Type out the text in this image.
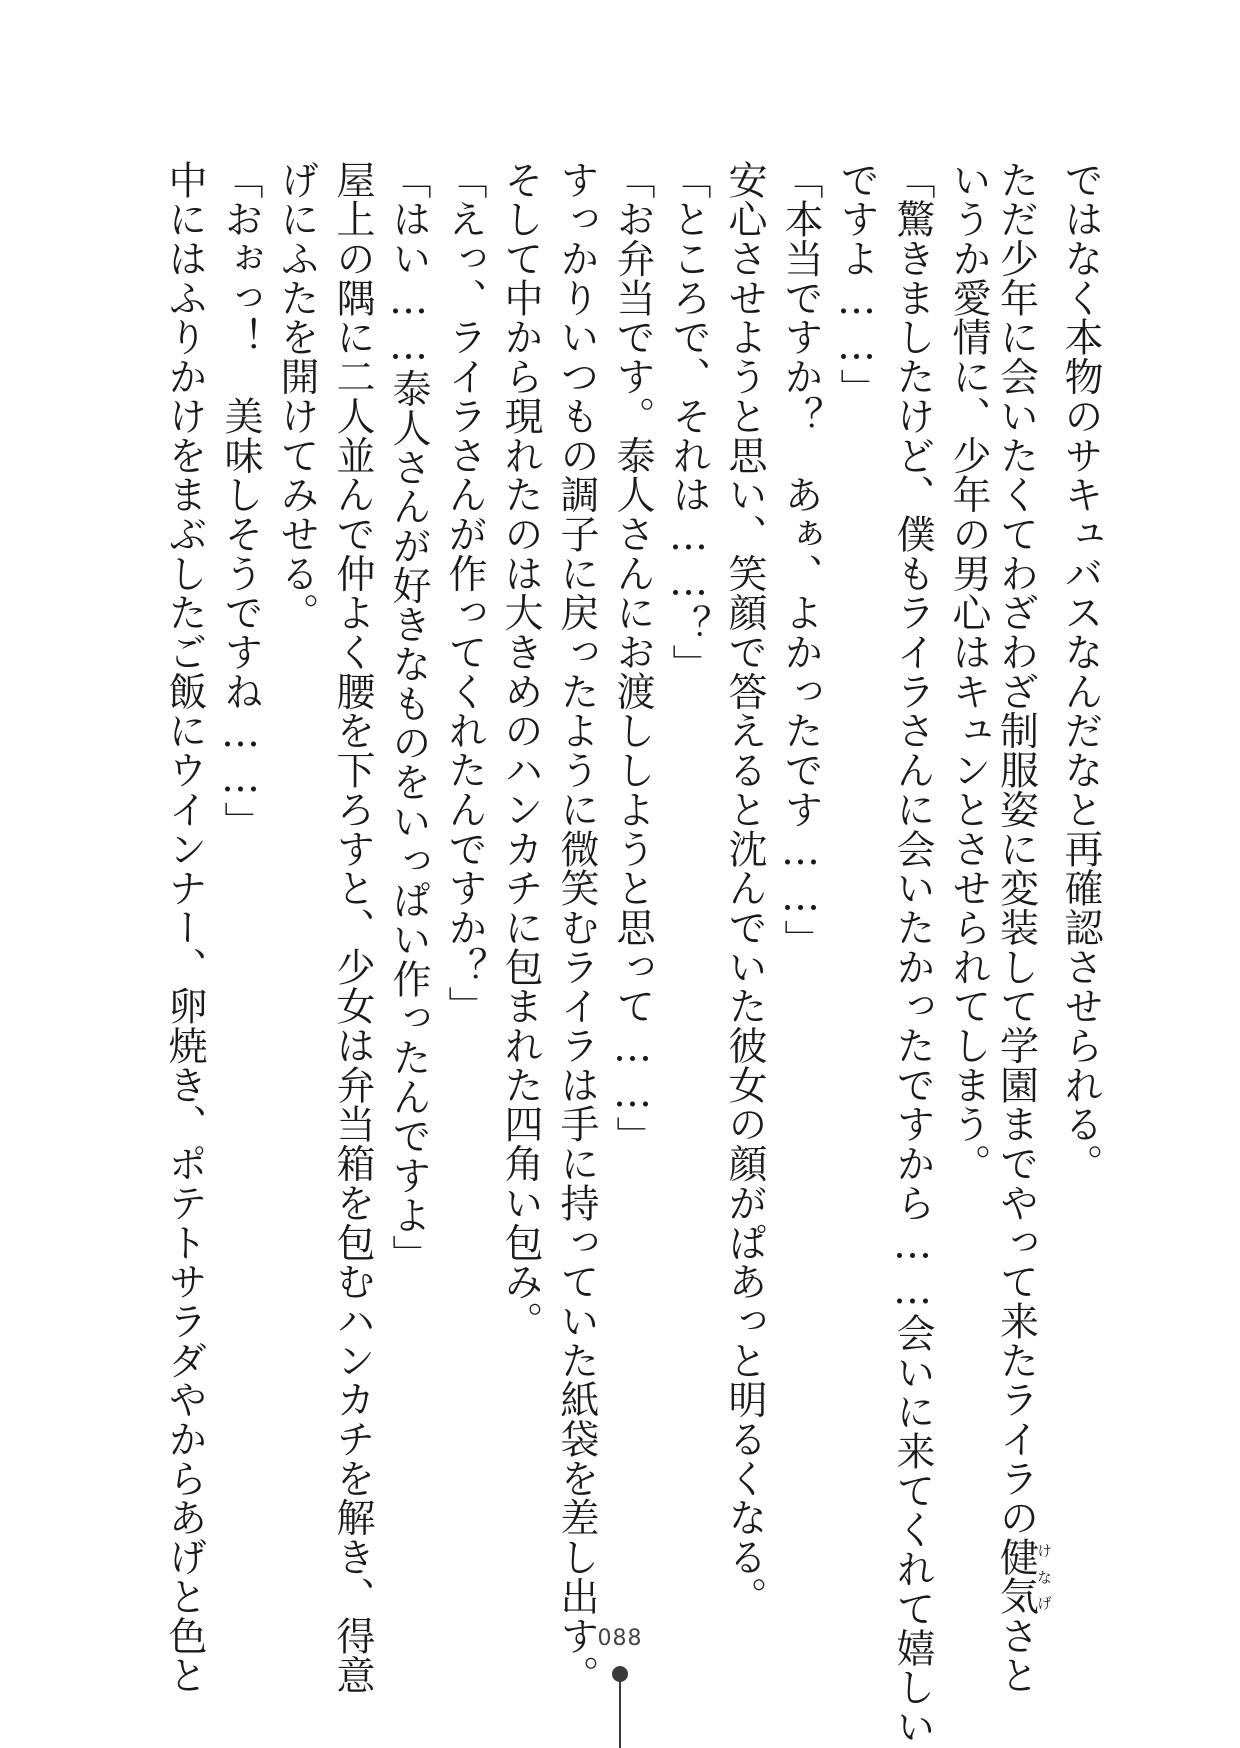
ではなく本物のサキュバスなんだなと再確認させられる。
ただ少年に会いたくてわざわざ制服姿に変装して学園までやって来たライラの健気けなげさと
いうか愛情に、少年の男心はキュンとさせられてしまう。
「驚きましたけど、僕もライラさんに会いたかったですから……会いに来てくれて嬉しい
ですよ……」
「本当ですか？　あぁ、よかったです……」
安心させようと思い、笑顔で答えると沈んでいた彼女の顔がぱあっと明るくなる。
「ところで、それは……？」
「お弁当です。泰人さんにお渡ししようと思って……」
すっかりいつもの調子に戻ったように微笑むライラは手に持っていた紙袋を差し出す。
そして中から現れたのは大きめのハンカチに包まれた四角い包み。
「えっ、ライラさんが作ってくれたんですか？」
「はい……泰人さんが好きなものをいっぱい作ったんですよ」
屋上の隅に二人並んで仲よく腰を下ろすと、少女は弁当箱を包むハンカチを解き、得意
げにふたを開けてみせる。
「おぉっ！　美味しそうですね……」
中にはふりかけをまぶしたご飯にウインナー、卵焼き、ポテトサラダやからあげと色と	088
